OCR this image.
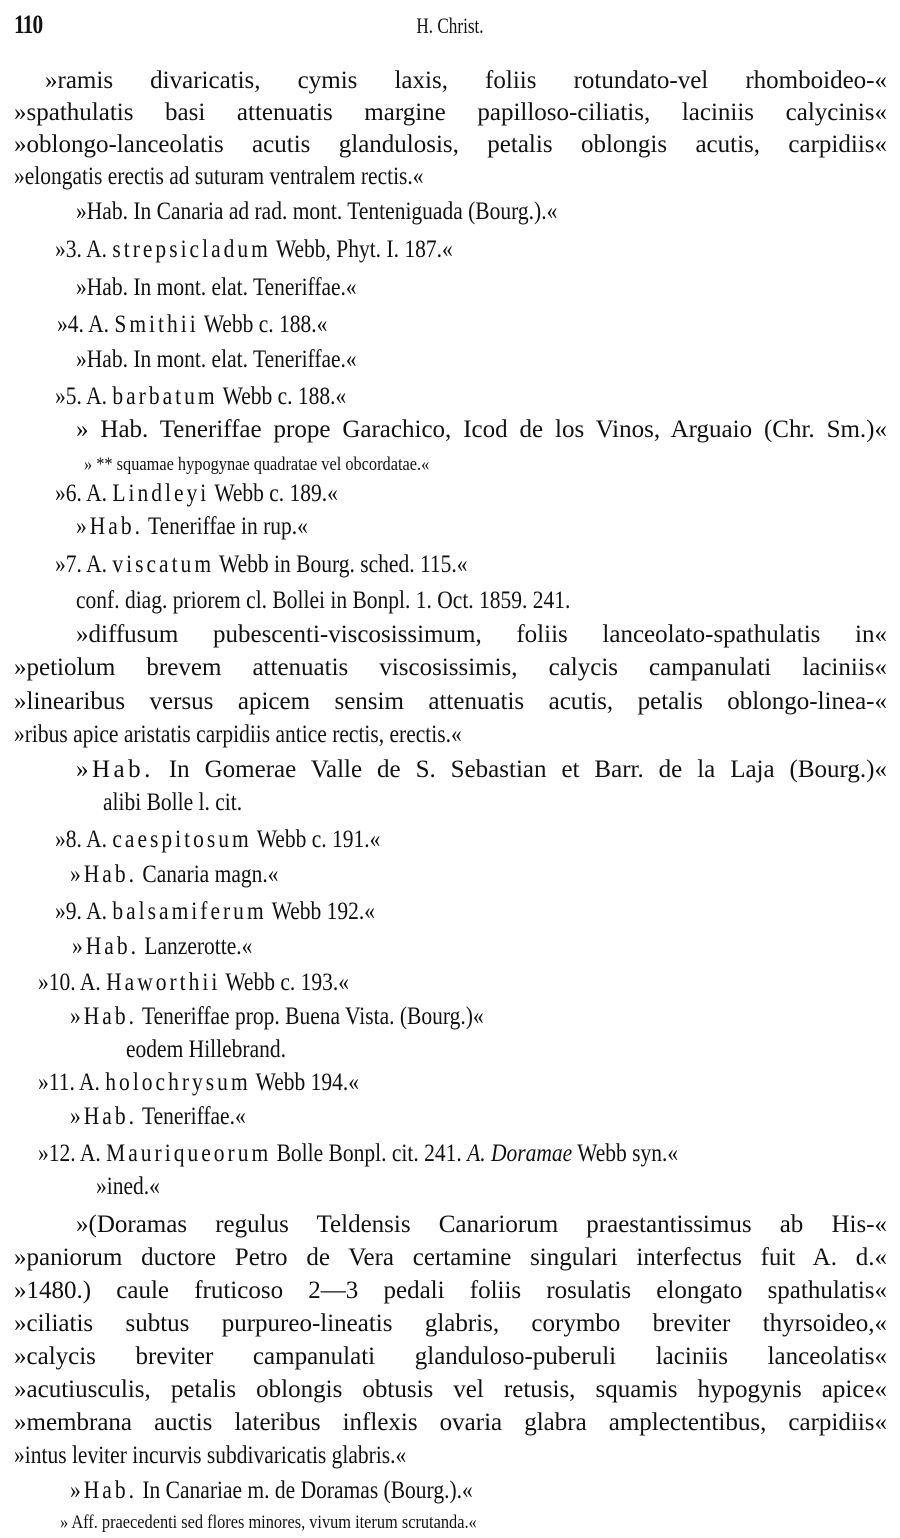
110	H. Christ.
»ramis divaricatis, cymis laxis, foliis rotundato-vel rhomboideo-«
»spathulatis basi attenuatis margine papilloso-ciliatis, laciniis calycinis«
»oblongo-lanceolatis acutis glandulosis, petalis oblongis acutis, carpidiis«
»elongatis erectis ad suturam ventralem rectis.«
»Hab. In Canaria ad rad. mont. Tenteniguada (Bourg.).«
»3. A. strepsicladum Webb, Phyt. I. 187.«
»Hab. In mont. elat. Teneriffae.«
»4. A. Smithii Webb c. 188.«
»Hab. In mont. elat. Teneriffae.«
»5. A. barbatum Webb c. 188.«
» Hab. Teneriffae prope Garachico, Icod de los Vinos, Arguaio (Chr. Sm.)«
» ** squamae hypogynae quadratae vel obcordatae.«
»6. A. Lindleyi Webb c. 189.«
»Hab. Teneriffae in rup.«
»7. A. viscatum Webb in Bourg. sched. 115.«
conf. diag. priorem cl. Bollei in Bonpl. 1. Oct. 1859. 241.
»diffusum pubescenti-viscosissimum, foliis lanceolato-spathulatis in«
»petiolum brevem attenuatis viscosissimis, calycis campanulati laciniis«
»linearibus versus apicem sensim attenuatis acutis, petalis oblongo-linea-«
»ribus apice aristatis carpidiis antice rectis, erectis.«
»Hab. In Gomerae Valle de S. Sebastian et Barr. de la Laja (Bourg.)«
alibi Bolle l. cit.
»8. A. caespitosum Webb c. 191.«
»Hab. Canaria magn.«
»9. A. balsamiferum Webb 192.«
»Hab. Lanzerotte.«
»10. A. Haworthii Webb c. 193.«
»Hab. Teneriffae prop. Buena Vista. (Bourg.)«
eodem Hillebrand.
»11. A. holochrysum Webb 194.«
»Hab. Teneriffae.«
»12. A. Mauriqueorum Bolle Bonpl. cit. 241. A. Doramae Webb syn.«
»ined.«
»(Doramas regulus Teldensis Canariorum praestantissimus ab His-«
»paniorum ductore Petro de Vera certamine singulari interfectus fuit A. d.«
»1480.) caule fruticoso 2—3 pedali foliis rosulatis elongato spathulatis«
»ciliatis subtus purpureo-lineatis glabris, corymbo breviter thyrsoideo,«
»calycis breviter campanulati glanduloso-puberuli laciniis lanceolatis«
»acutiusculis, petalis oblongis obtusis vel retusis, squamis hypogynis apice«
»membrana auctis lateribus inflexis ovaria glabra amplectentibus, carpidiis«
»intus leviter incurvis subdivaricatis glabris.«
»Hab. In Canariae m. de Doramas (Bourg.).«
» Aff. praecedenti sed flores minores, vivum iterum scrutanda.«
